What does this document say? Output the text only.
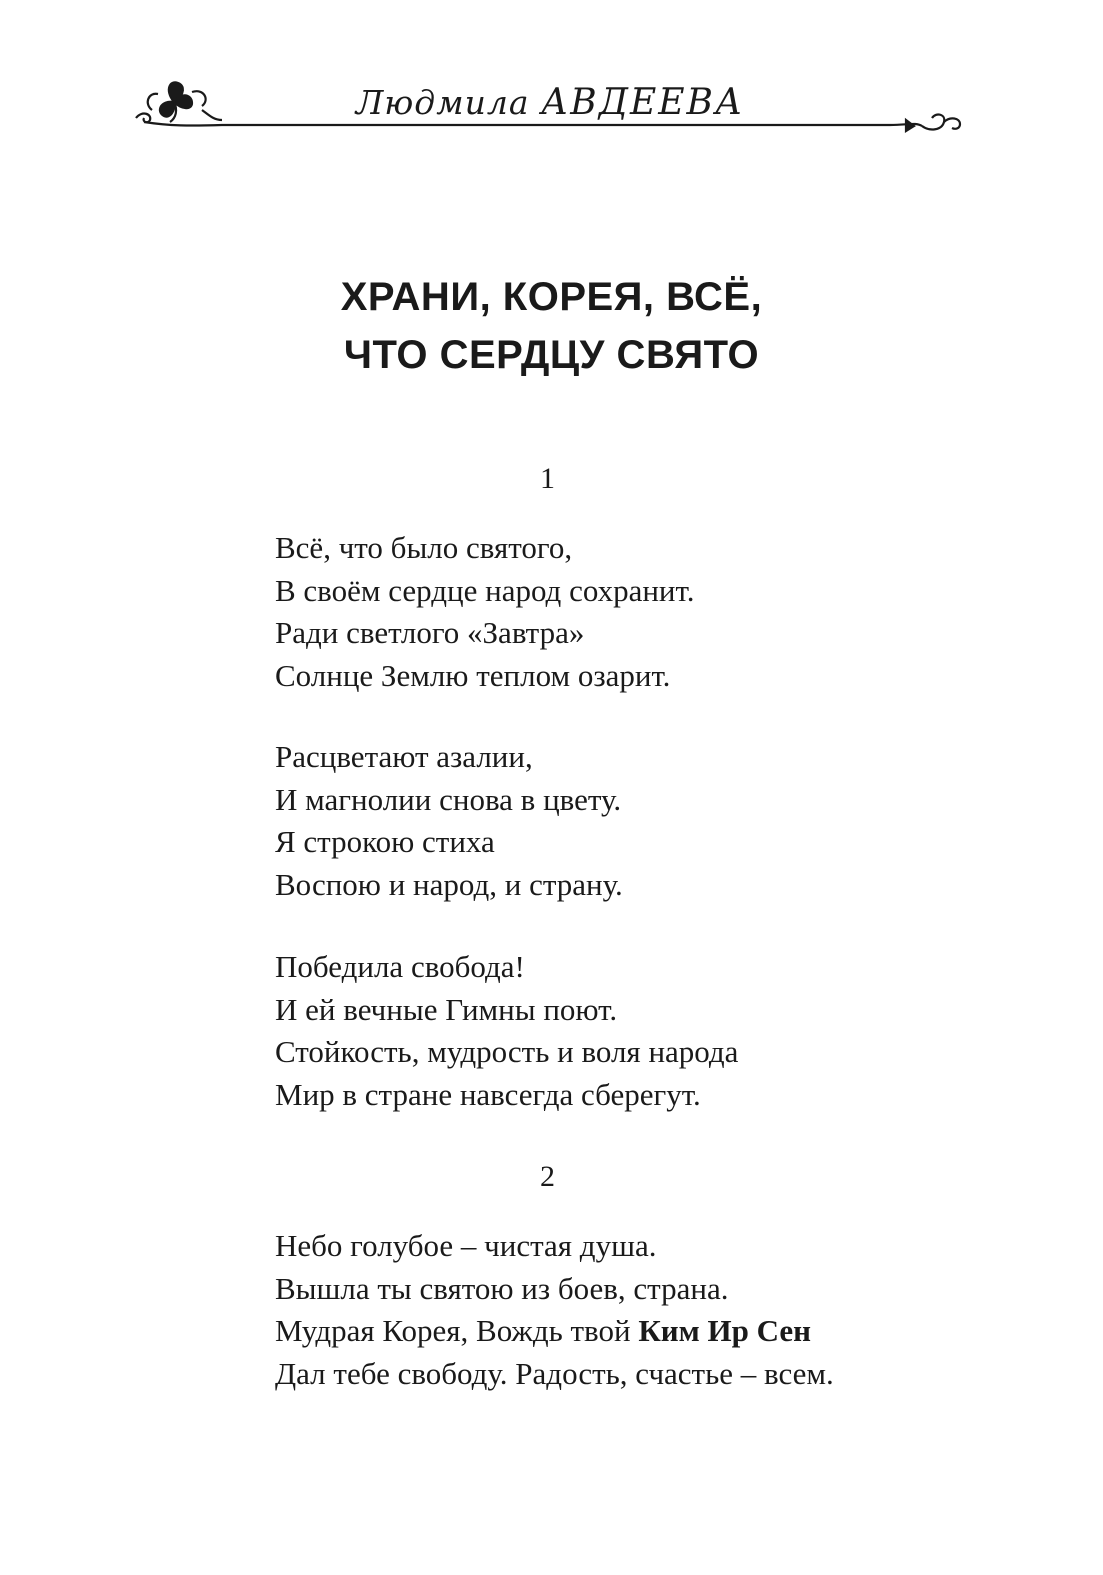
Людмила АВДЕЕВА
ХРАНИ, КОРЕЯ, ВСЁ,
ЧТО СЕРДЦУ СВЯТО
1
Всё, что было святого,
В своём сердце народ сохранит.
Ради светлого «Завтра»
Солнце Землю теплом озарит.
Расцветают азалии,
И магнолии снова в цвету.
Я строкою стиха
Воспою и народ, и страну.
Победила свобода!
И ей вечные Гимны поют.
Стойкость, мудрость и воля народа
Мир в стране навсегда сберегут.
2
Небо голубое – чистая душа.
Вышла ты святою из боев, страна.
Мудрая Корея, Вождь твой Ким Ир Сен
Дал тебе свободу. Радость, счастье – всем.
